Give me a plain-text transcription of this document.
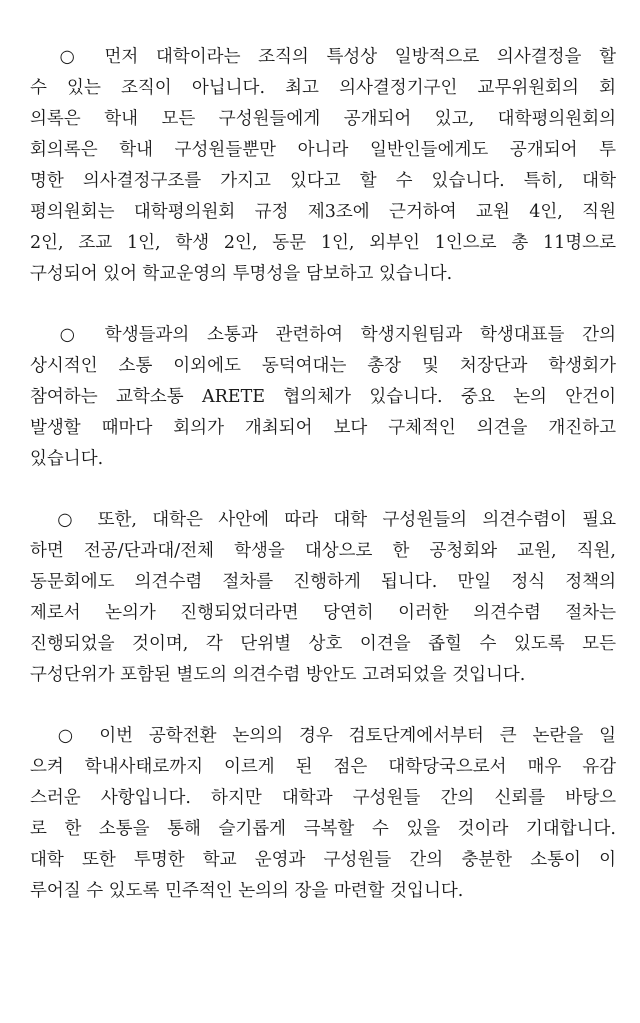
　○ 먼저 대학이라는 조직의 특성상 일방적으로 의사결정을 할
수 있는 조직이 아닙니다. 최고 의사결정기구인 교무위원회의 회
의록은 학내 모든 구성원들에게 공개되어 있고, 대학평의원회의
회의록은 학내 구성원들뿐만 아니라 일반인들에게도 공개되어 투
명한 의사결정구조를 가지고 있다고 할 수 있습니다. 특히, 대학
평의원회는 대학평의원회 규정 제3조에 근거하여 교원 4인, 직원
2인, 조교 1인, 학생 2인, 동문 1인, 외부인 1인으로 총 11명으로
구성되어 있어 학교운영의 투명성을 담보하고 있습니다.
　○ 학생들과의 소통과 관련하여 학생지원팀과 학생대표들 간의
상시적인 소통 이외에도 동덕여대는 총장 및 처장단과 학생회가
참여하는 교학소통 ARETE 협의체가 있습니다. 중요 논의 안건이
발생할 때마다 회의가 개최되어 보다 구체적인 의견을 개진하고
있습니다.
　○ 또한, 대학은 사안에 따라 대학 구성원들의 의견수렴이 필요
하면 전공/단과대/전체 학생을 대상으로 한 공청회와 교원, 직원,
동문회에도 의견수렴 절차를 진행하게 됩니다. 만일 정식 정책의
제로서 논의가 진행되었더라면 당연히 이러한 의견수렴 절차는
진행되었을 것이며, 각 단위별 상호 이견을 좁힐 수 있도록 모든
구성단위가 포함된 별도의 의견수렴 방안도 고려되었을 것입니다.
　○ 이번 공학전환 논의의 경우 검토단계에서부터 큰 논란을 일
으켜 학내사태로까지 이르게 된 점은 대학당국으로서 매우 유감
스러운 사항입니다. 하지만 대학과 구성원들 간의 신뢰를 바탕으
로 한 소통을 통해 슬기롭게 극복할 수 있을 것이라 기대합니다.
대학 또한 투명한 학교 운영과 구성원들 간의 충분한 소통이 이
루어질 수 있도록 민주적인 논의의 장을 마련할 것입니다.
